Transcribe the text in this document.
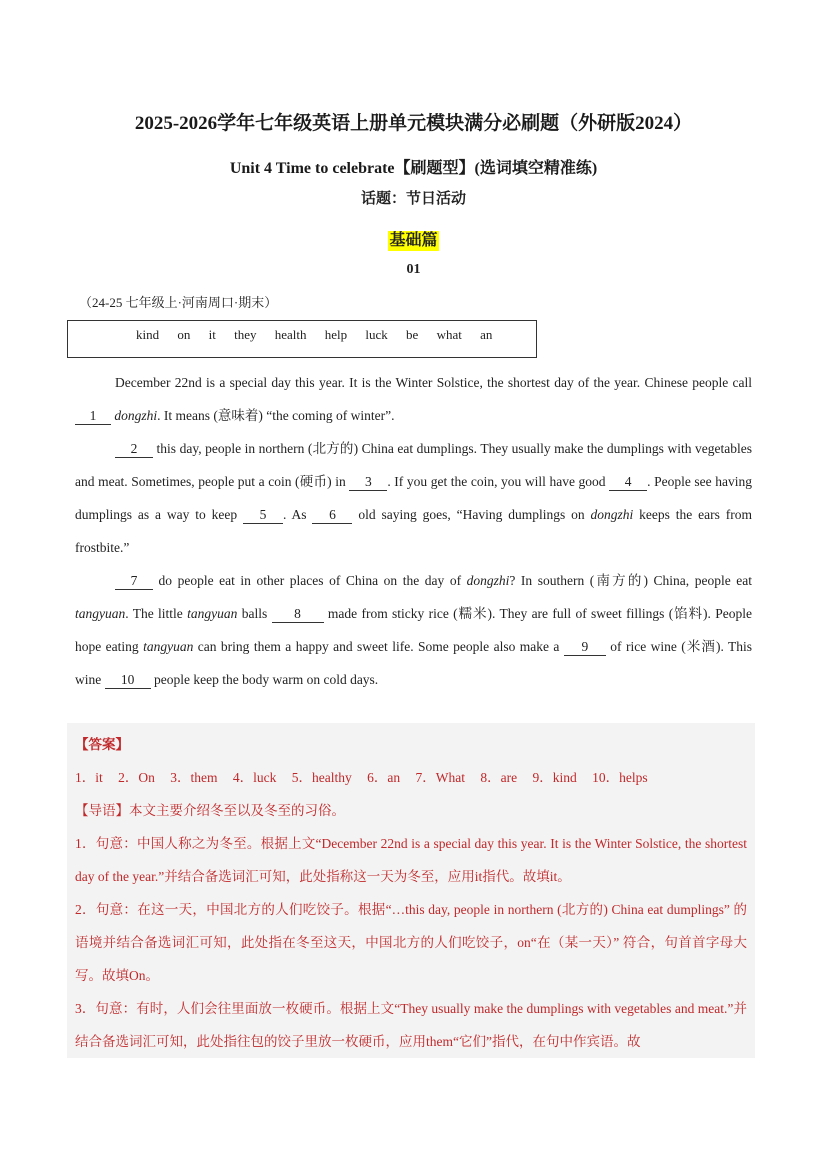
2025-2026学年七年级英语上册单元模块满分必刷题（外研版2024）
Unit 4 Time to celebrate【刷题型】(选词填空精准练)
话题：节日活动
基础篇
01
（24-25 七年级上·河南周口·期末）
kind on it they health help luck be what an

December 22nd is a special day this year. It is the Winter Solstice, the shortest day of the year. Chinese people call 1 dongzhi. It means (意味着) “the coming of winter”.

2 this day, people in northern (北方的) China eat dumplings. They usually make the dumplings with vegetables and meat. Sometimes, people put a coin (硬币) in 3 . If you get the coin, you will have good 4 . People see having dumplings as a way to keep 5 . As 6 old saying goes, “Having dumplings on dongzhi keeps the ears from frostbite.”

7 do people eat in other places of China on the day of dongzhi? In southern (南方的) China, people eat tangyuan. The little tangyuan balls 8 made from sticky rice (糯米). They are full of sweet fillings (馅料). People hope eating tangyuan can bring them a happy and sweet life. Some people also make a 9 of rice wine (米酒). This wine 10 people keep the body warm on cold days.

【答案】

1．it 2．On 3．them 4．luck 5．healthy 6．an 7．What 8．are 9．kind 10．helps

【导语】本文主要介绍冬至以及冬至的习俗。

1．句意：中国人称之为冬至。根据上文“December 22nd is a special day this year. It is the Winter Solstice, the shortest day of the year.”并结合备选词汇可知，此处指称这一天为冬至，应用it指代。故填it。

2．句意：在这一天，中国北方的人们吃饺子。根据“…this day, people in northern (北方的) China eat dumplings” 的语境并结合备选词汇可知，此处指在冬至这天，中国北方的人们吃饺子，on“在（某一天）” 符合，句首首字母大写。故填On。

3．句意：有时，人们会往里面放一枚硬币。根据上文“They usually make the dumplings with vegetables and meat.”并结合备选词汇可知，此处指往包的饺子里放一枚硬币，应用them“它们”指代，在句中作宾语。故
